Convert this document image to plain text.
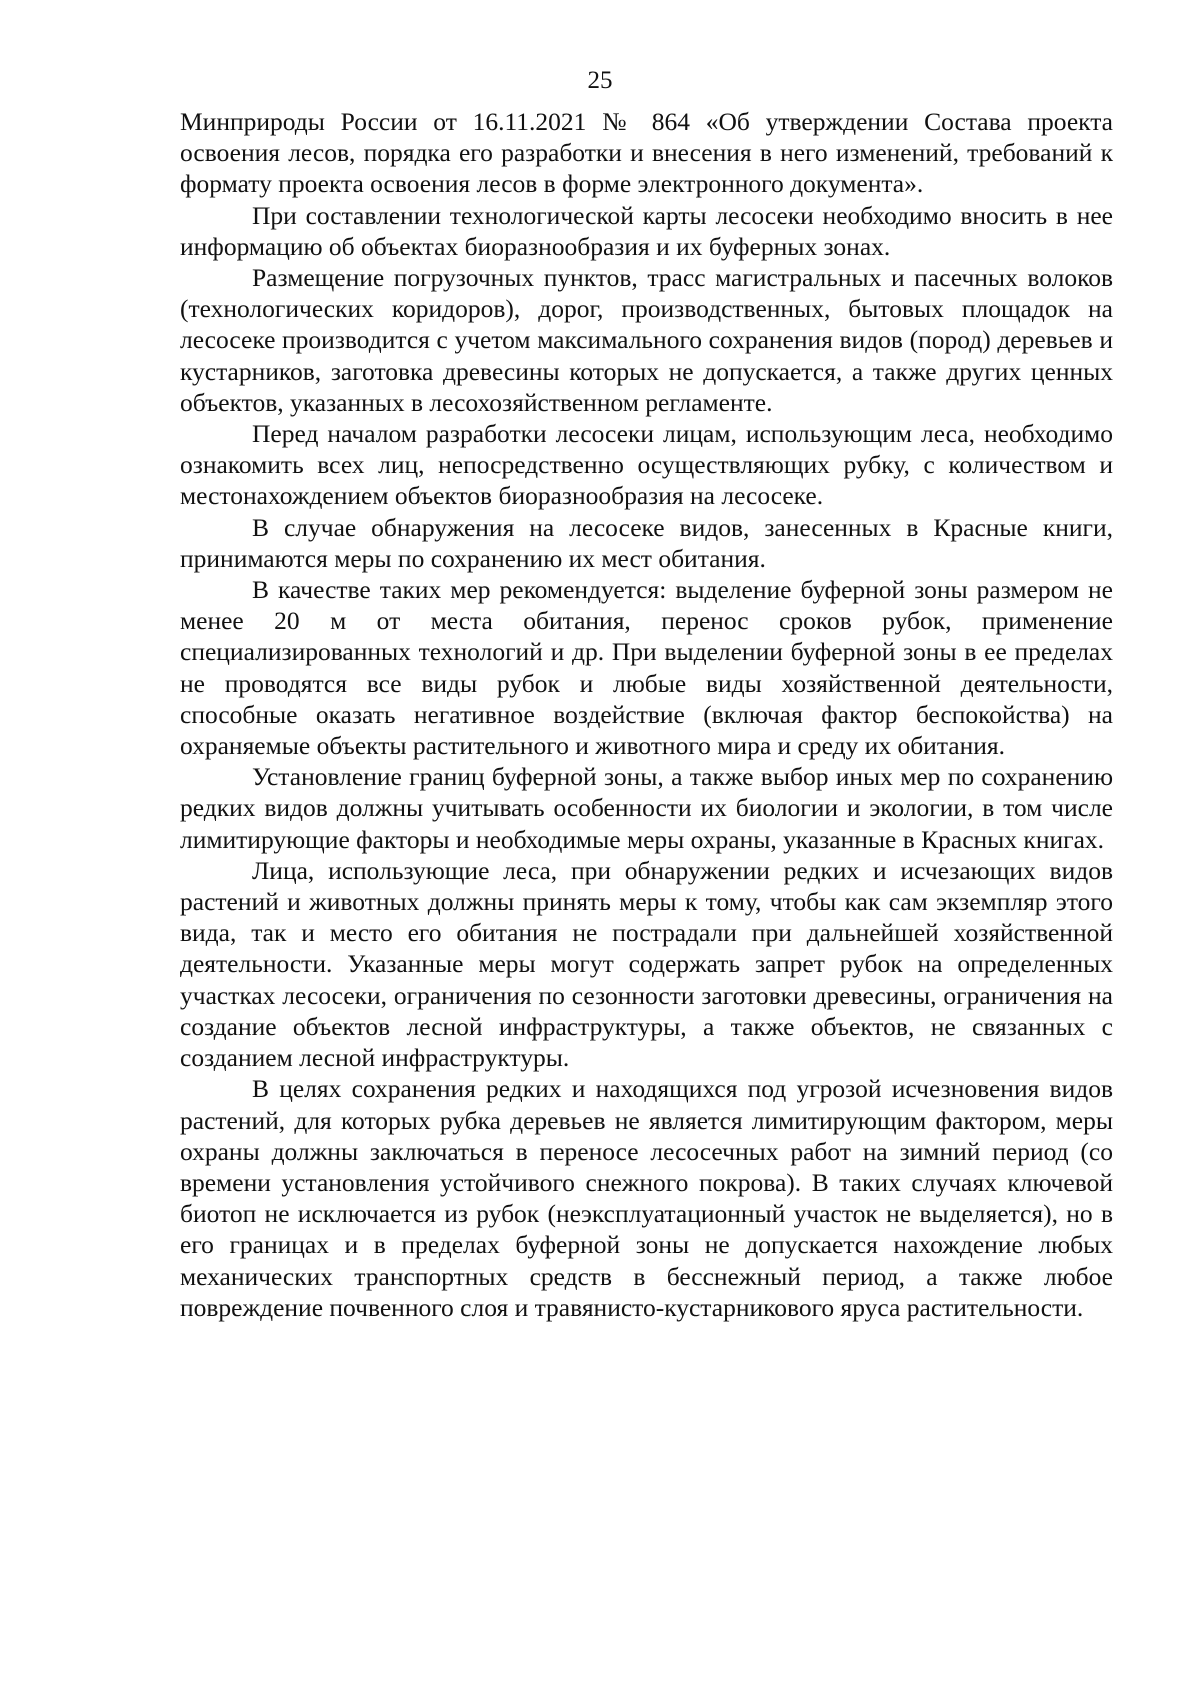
25

Минприроды России от 16.11.2021 № 864 «Об утверждении Состава проекта освоения лесов, порядка его разработки и внесения в него изменений, требований к формату проекта освоения лесов в форме электронного документа».

При составлении технологической карты лесосеки необходимо вносить в нее информацию об объектах биоразнообразия и их буферных зонах.

Размещение погрузочных пунктов, трасс магистральных и пасечных волоков (технологических коридоров), дорог, производственных, бытовых площадок на лесосеке производится с учетом максимального сохранения видов (пород) деревьев и кустарников, заготовка древесины которых не допускается, а также других ценных объектов, указанных в лесохозяйственном регламенте.

Перед началом разработки лесосеки лицам, использующим леса, необходимо ознакомить всех лиц, непосредственно осуществляющих рубку, с количеством и местонахождением объектов биоразнообразия на лесосеке.

В случае обнаружения на лесосеке видов, занесенных в Красные книги, принимаются меры по сохранению их мест обитания.

В качестве таких мер рекомендуется: выделение буферной зоны размером не менее 20 м от места обитания, перенос сроков рубок, применение специализированных технологий и др. При выделении буферной зоны в ее пределах не проводятся все виды рубок и любые виды хозяйственной деятельности, способные оказать негативное воздействие (включая фактор беспокойства) на охраняемые объекты растительного и животного мира и среду их обитания.

Установление границ буферной зоны, а также выбор иных мер по сохранению редких видов должны учитывать особенности их биологии и экологии, в том числе лимитирующие факторы и необходимые меры охраны, указанные в Красных книгах.

Лица, использующие леса, при обнаружении редких и исчезающих видов растений и животных должны принять меры к тому, чтобы как сам экземпляр этого вида, так и место его обитания не пострадали при дальнейшей хозяйственной деятельности. Указанные меры могут содержать запрет рубок на определенных участках лесосеки, ограничения по сезонности заготовки древесины, ограничения на создание объектов лесной инфраструктуры, а также объектов, не связанных с созданием лесной инфраструктуры.

В целях сохранения редких и находящихся под угрозой исчезновения видов растений, для которых рубка деревьев не является лимитирующим фактором, меры охраны должны заключаться в переносе лесосечных работ на зимний период (со времени установления устойчивого снежного покрова). В таких случаях ключевой биотоп не исключается из рубок (неэксплуатационный участок не выделяется), но в его границах и в пределах буферной зоны не допускается нахождение любых механических транспортных средств в бесснежный период, а также любое повреждение почвенного слоя и травянисто-кустарникового яруса растительности.
